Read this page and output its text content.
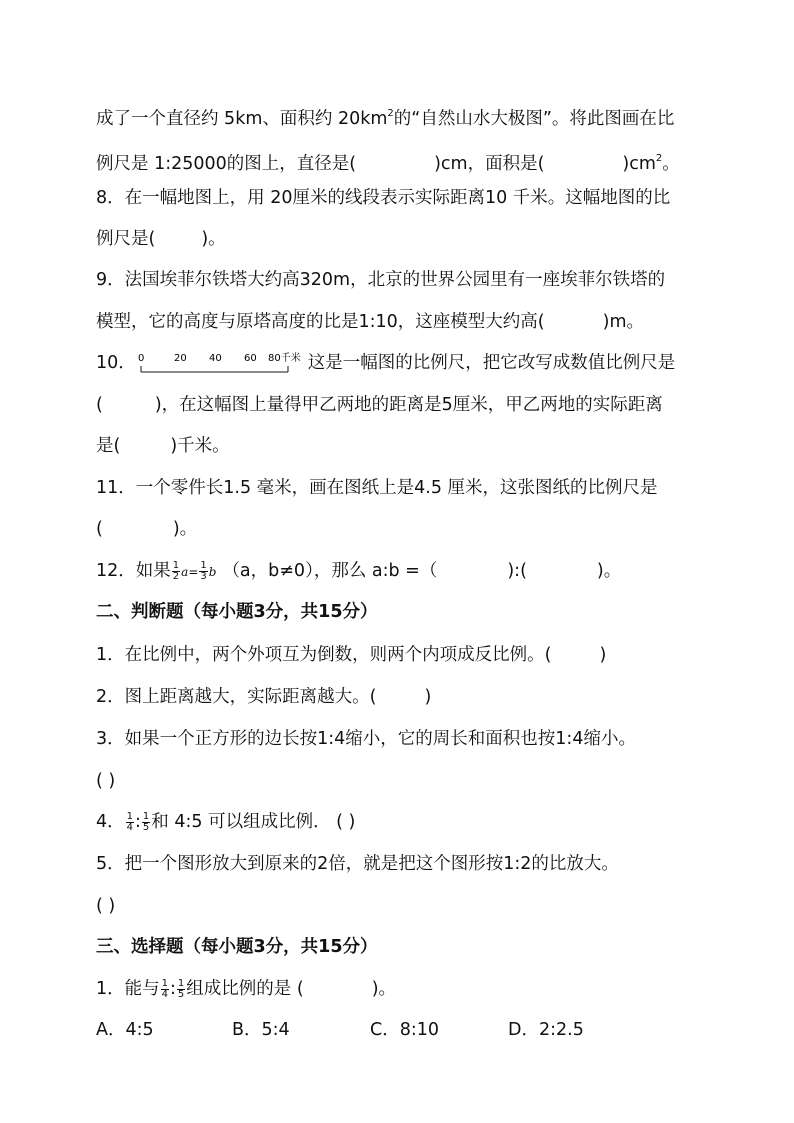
成了一个直径约 5km、面积约 $20km^2$的“自然山水大极图”。将此图画在比
例尺是 1:25000的图上，直径是(	)cm，面积是(	)$cm^2$。
8．在一幅地图上，用 20厘米的线段表示实际距离10 千米。这幅地图的比
例尺是(	)。
9．法国埃菲尔铁塔大约高320m，北京的世界公园里有一座埃菲尔铁塔的
模型，它的高度与原塔高度的比是1:10，这座模型大约高(	)m。
10． 0	20 40 60 80千米 这是一幅图的比例尺，把它改写成数值比例尺是
(	)，在这幅图上量得甲乙两地的距离是5厘米，甲乙两地的实际距离
是(	)千米。
11．一个零件长1.5 毫米，画在图纸上是4.5 厘米，这张图纸的比例尺是
(	)。
12．如果 $\frac{1}{2} a= \frac{1}{3}$ b （a，b≠0），那么 a:b =（	):(	)。
二、判断题（每小题3分，共15分）
1．在比例中，两个外项互为倒数，则两个内项成反比例。(	)
2．图上距离越大，实际距离越大。(	)
3．如果一个正方形的边长按1:4缩小，它的周长和面积也按1:4缩小。
( )
4． $\frac{1}{4}$ : $\frac{1}{5}$ 和 4:5 可以组成比例． ( )
5．把一个图形放大到原来的2倍，就是把这个图形按1:2的比放大。
( )
三、选择题（每小题3分，共15分）
1．能与 $\frac{1}{4}$ : $\frac{1}{5}$ 组成比例的是 (	)。
A．4:5	B．5:4	C．8:10	D．2:2.5
